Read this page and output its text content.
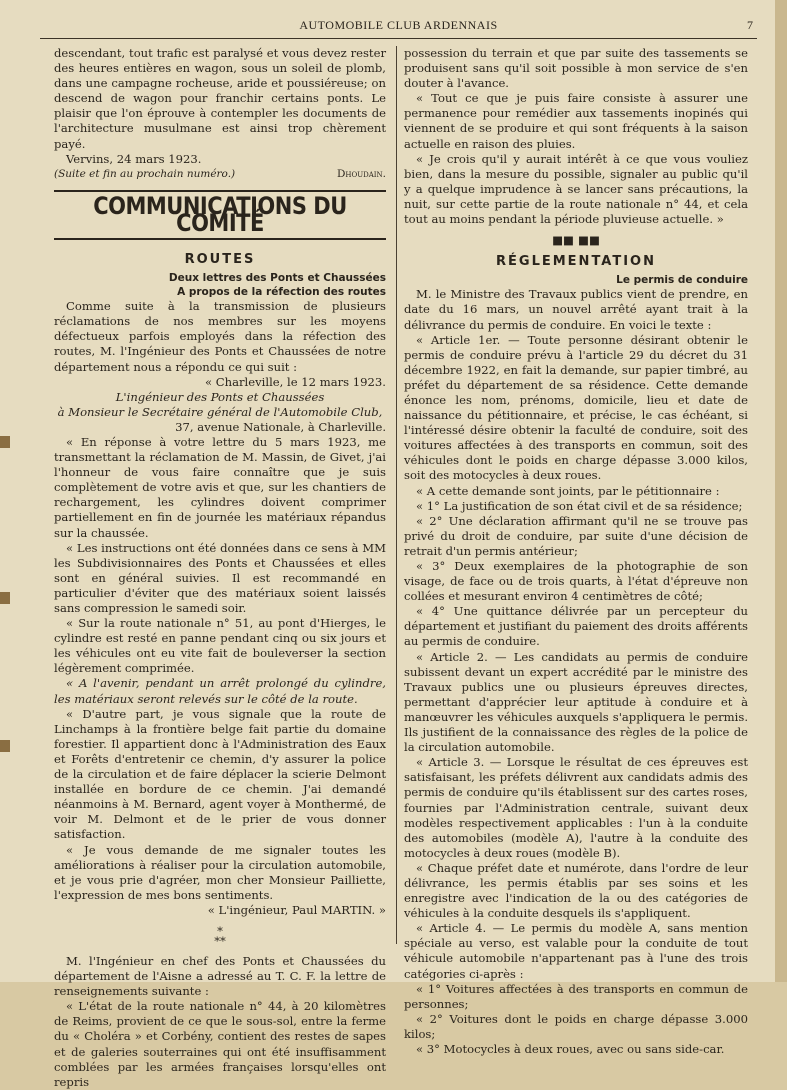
AUTOMOBILE CLUB ARDENNAIS	7

descendant, tout trafic est paralysé et vous devez rester des heures entières en wagon, sous un soleil de plomb, dans une campagne rocheuse, aride et poussiéreuse; on descend de wagon pour franchir certains ponts. Le plaisir que l'on éprouve à contempler les documents de l'architecture musulmane est ainsi trop chèrement payé.

Vervins, 24 mars 1923.

(Suite et fin au prochain numéro.)	Dhoudain.
COMMUNICATIONS DU COMITÉ
ROUTES
Deux lettres des Ponts et Chaussées
A propos de la réfection des routes

Comme suite à la transmission de plusieurs réclamations de nos membres sur les moyens défectueux parfois employés dans la réfection des routes, M. l'Ingénieur des Ponts et Chaussées de notre département nous a répondu ce qui suit :

« Charleville, le 12 mars 1923.

L'ingénieur des Ponts et Chaussées

à Monsieur le Secrétaire général de l'Automobile Club,

37, avenue Nationale, à Charleville.

« En réponse à votre lettre du 5 mars 1923, me transmettant la réclamation de M. Massin, de Givet, j'ai l'honneur de vous faire connaître que je suis complètement de votre avis et que, sur les chantiers de rechargement, les cylindres doivent comprimer partiellement en fin de journée les matériaux répandus sur la chaussée.

« Les instructions ont été données dans ce sens à MM les Subdivisionnaires des Ponts et Chaussées et elles sont en général suivies. Il est recommandé en particulier d'éviter que des matériaux soient laissés sans compression le samedi soir.

« Sur la route nationale n° 51, au pont d'Hierges, le cylindre est resté en panne pendant cinq ou six jours et les véhicules ont eu vite fait de bouleverser la section légèrement comprimée.

« A l'avenir, pendant un arrêt prolongé du cylindre, les matériaux seront relevés sur le côté de la route.

« D'autre part, je vous signale que la route de Linchamps à la frontière belge fait partie du domaine forestier. Il appartient donc à l'Administration des Eaux et Forêts d'entretenir ce chemin, d'y assurer la police de la circulation et de faire déplacer la scierie Delmont installée en bordure de ce chemin. J'ai demandé néanmoins à M. Bernard, agent voyer à Monthermé, de voir M. Delmont et de le prier de vous donner satisfaction.

« Je vous demande de me signaler toutes les améliorations à réaliser pour la circulation automobile, et je vous prie d'agréer, mon cher Monsieur Pailliette, l'expression de mes bons sentiments.

« L'ingénieur, Paul MARTIN. »

*
**

M. l'Ingénieur en chef des Ponts et Chaussées du département de l'Aisne a adressé au T. C. F. la lettre de renseignements suivante :

« L'état de la route nationale n° 44, à 20 kilomètres de Reims, provient de ce que le sous-sol, entre la ferme du « Choléra » et Corbény, contient des restes de sapes et de galeries souterraines qui ont été insuffisamment comblées par les armées françaises lorsqu'elles ont repris

possession du terrain et que par suite des tassements se produisent sans qu'il soit possible à mon service de s'en douter à l'avance.

« Tout ce que je puis faire consiste à assurer une permanence pour remédier aux tassements inopinés qui viennent de se produire et qui sont fréquents à la saison actuelle en raison des pluies.

« Je crois qu'il y aurait intérêt à ce que vous vouliez bien, dans la mesure du possible, signaler au public qu'il y a quelque imprudence à se lancer sans précautions, la nuit, sur cette partie de la route nationale n° 44, et cela tout au moins pendant la période pluvieuse actuelle. »

■■ ■■
RÉGLEMENTATION
Le permis de conduire

M. le Ministre des Travaux publics vient de prendre, en date du 16 mars, un nouvel arrêté ayant trait à la délivrance du permis de conduire. En voici le texte :

« Article 1er. — Toute personne désirant obtenir le permis de conduire prévu à l'article 29 du décret du 31 décembre 1922, en fait la demande, sur papier timbré, au préfet du département de sa résidence. Cette demande énonce les nom, prénoms, domicile, lieu et date de naissance du pétitionnaire, et précise, le cas échéant, si l'intéressé désire obtenir la faculté de conduire, soit des voitures affectées à des transports en commun, soit des véhicules dont le poids en charge dépasse 3.000 kilos, soit des motocycles à deux roues.

« A cette demande sont joints, par le pétitionnaire :

« 1° La justification de son état civil et de sa résidence;

« 2° Une déclaration affirmant qu'il ne se trouve pas privé du droit de conduire, par suite d'une décision de retrait d'un permis antérieur;

« 3° Deux exemplaires de la photographie de son visage, de face ou de trois quarts, à l'état d'épreuve non collées et mesurant environ 4 centimètres de côté;

« 4° Une quittance délivrée par un percepteur du département et justifiant du paiement des droits afférents au permis de conduire.

« Article 2. — Les candidats au permis de conduire subissent devant un expert accrédité par le ministre des Travaux publics une ou plusieurs épreuves directes, permettant d'apprécier leur aptitude à conduire et à manœuvrer les véhicules auxquels s'appliquera le permis. Ils justifient de la connaissance des règles de la police de la circulation automobile.

« Article 3. — Lorsque le résultat de ces épreuves est satisfaisant, les préfets délivrent aux candidats admis des permis de conduire qu'ils établissent sur des cartes roses, fournies par l'Administration centrale, suivant deux modèles respectivement applicables : l'un à la conduite des automobiles (modèle A), l'autre à la conduite des motocycles à deux roues (modèle B).

« Chaque préfet date et numérote, dans l'ordre de leur délivrance, les permis établis par ses soins et les enregistre avec l'indication de la ou des catégories de véhicules à la conduite desquels ils s'appliquent.

« Article 4. — Le permis du modèle A, sans mention spéciale au verso, est valable pour la conduite de tout véhicule automobile n'appartenant pas à l'une des trois catégories ci-après :

« 1° Voitures affectées à des transports en commun de personnes;

« 2° Voitures dont le poids en charge dépasse 3.000 kilos;

« 3° Motocycles à deux roues, avec ou sans side-car.
